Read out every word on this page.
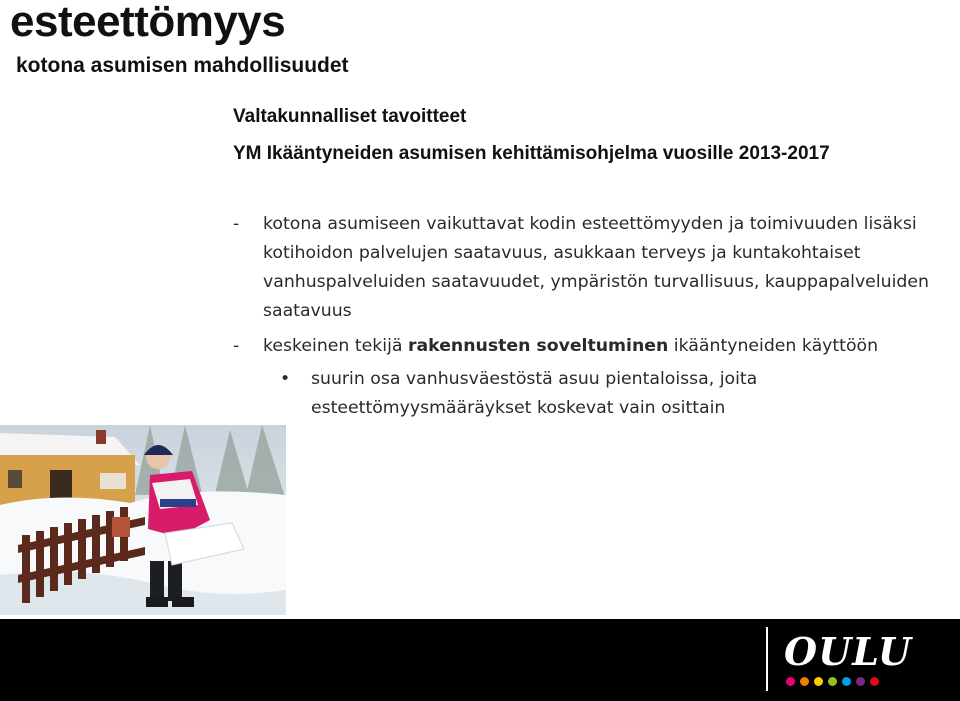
esteettömyys
kotona asumisen mahdollisuudet
Valtakunnalliset tavoitteet
YM Ikääntyneiden asumisen kehittämisohjelma vuosille 2013-2017
- kotona asumiseen vaikuttavat kodin esteettömyyden ja toimivuuden lisäksi kotihoidon palvelujen saatavuus, asukkaan terveys ja kuntakohtaiset vanhuspalveluiden saatavuudet, ympäristön turvallisuus, kauppapalveluiden saatavuus
- keskeinen tekijä rakennusten soveltuminen ikääntyneiden käyttöön
• suurin osa vanhusväestöstä asuu pientaloissa, joita esteettömyysmääräykset koskevat vain osittain
OULU
